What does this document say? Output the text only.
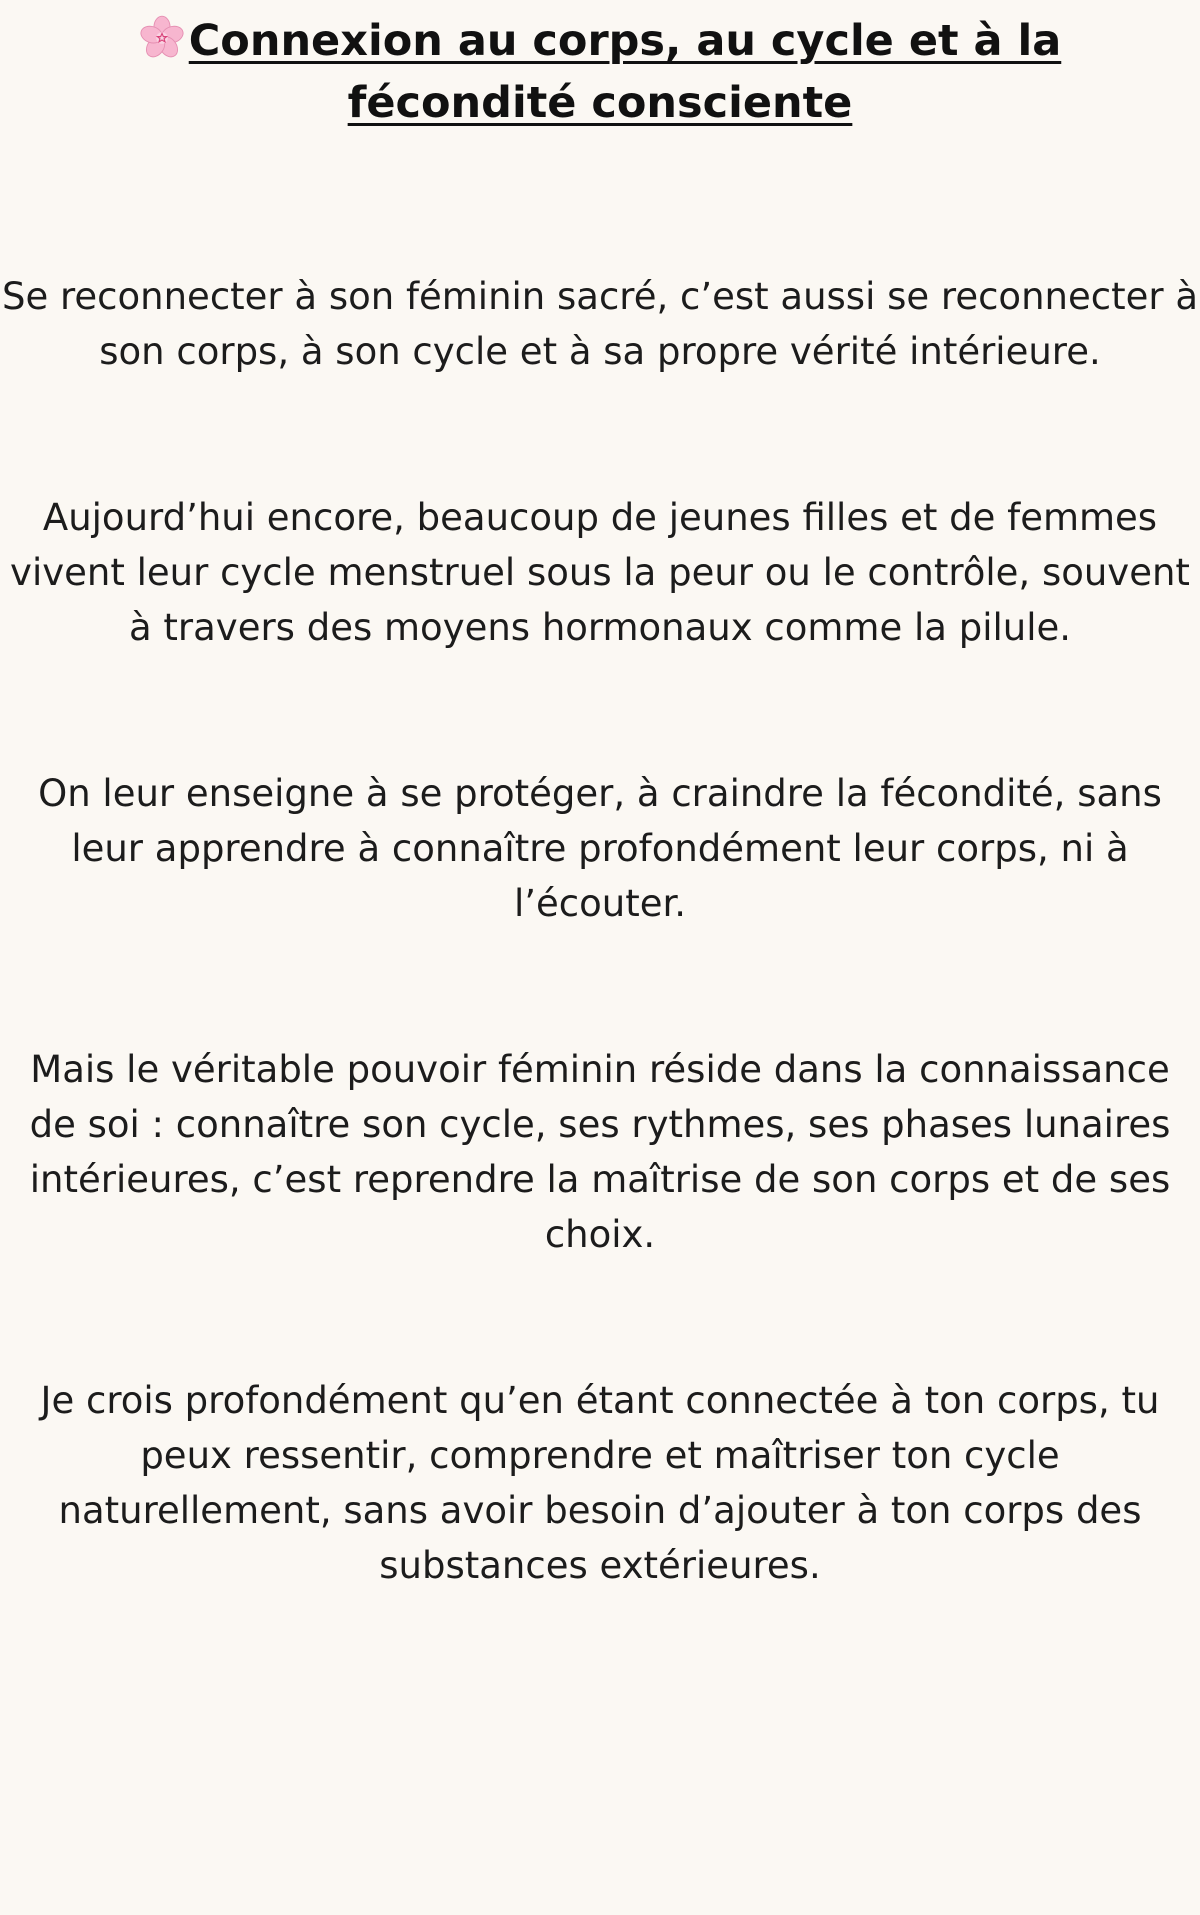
Connexion au corps, au cycle et à la fécondité consciente

Se reconnecter à son féminin sacré, c’est aussi se reconnecter à son corps, à son cycle et à sa propre vérité intérieure.

Aujourd’hui encore, beaucoup de jeunes filles et de femmes vivent leur cycle menstruel sous la peur ou le contrôle, souvent à travers des moyens hormonaux comme la pilule.

On leur enseigne à se protéger, à craindre la fécondité, sans leur apprendre à connaître profondément leur corps, ni à l’écouter.

Mais le véritable pouvoir féminin réside dans la connaissance de soi : connaître son cycle, ses rythmes, ses phases lunaires intérieures, c’est reprendre la maîtrise de son corps et de ses choix.

Je crois profondément qu’en étant connectée à ton corps, tu peux ressentir, comprendre et maîtriser ton cycle naturellement, sans avoir besoin d’ajouter à ton corps des substances extérieures.
